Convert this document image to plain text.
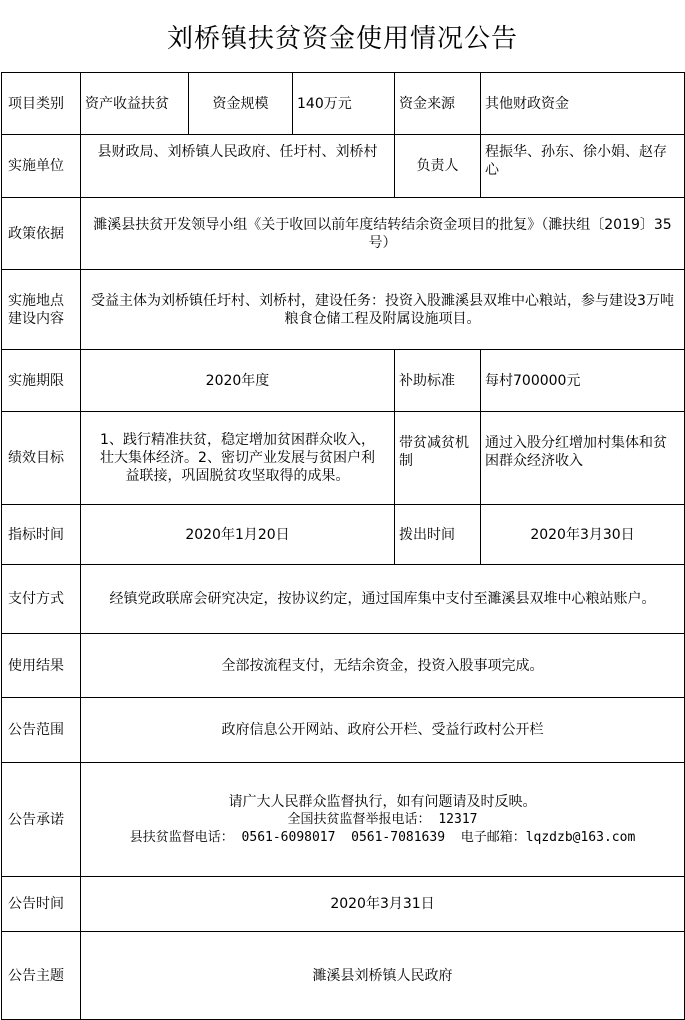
刘桥镇扶贫资金使用情况公告
项目类别	资产收益扶贫	资金规模	140万元	资金来源	其他财政资金
实施单位	县财政局、刘桥镇人民政府、任圩村、刘桥村			负责人	程振华、孙东、徐小娟、赵存心
政策依据	濉溪县扶贫开发领导小组《关于收回以前年度结转结余资金项目的批复》（濉扶组〔2019〕35号）				
实施地点建设内容	受益主体为刘桥镇任圩村、刘桥村，建设任务：投资入股濉溪县双堆中心粮站，参与建设3万吨粮食仓储工程及附属设施项目。				
实施期限	2020年度			补助标准	每村700000元
绩效目标	1、践行精准扶贫，稳定增加贫困群众收入，壮大集体经济。2、密切产业发展与贫困户利益联接，巩固脱贫攻坚取得的成果。			带贫减贫机制	通过入股分红增加村集体和贫困群众经济收入
指标时间	2020年1月20日			拨出时间	2020年3月30日
支付方式	经镇党政联席会研究决定，按协议约定，通过国库集中支付至濉溪县双堆中心粮站账户。				
使用结果	全部按流程支付，无结余资金，投资入股事项完成。				
公告范围	政府信息公开网站、政府公开栏、受益行政村公开栏				
公告承诺	请广大人民群众监督执行，如有问题请及时反映。
全国扶贫监督举报电话： 12317
县扶贫监督电话： 0561-6098017  0561-7081639  电子邮箱：lqzdzb@163.com				

公告时间	2020年3月31日				
公告主题	濉溪县刘桥镇人民政府				
